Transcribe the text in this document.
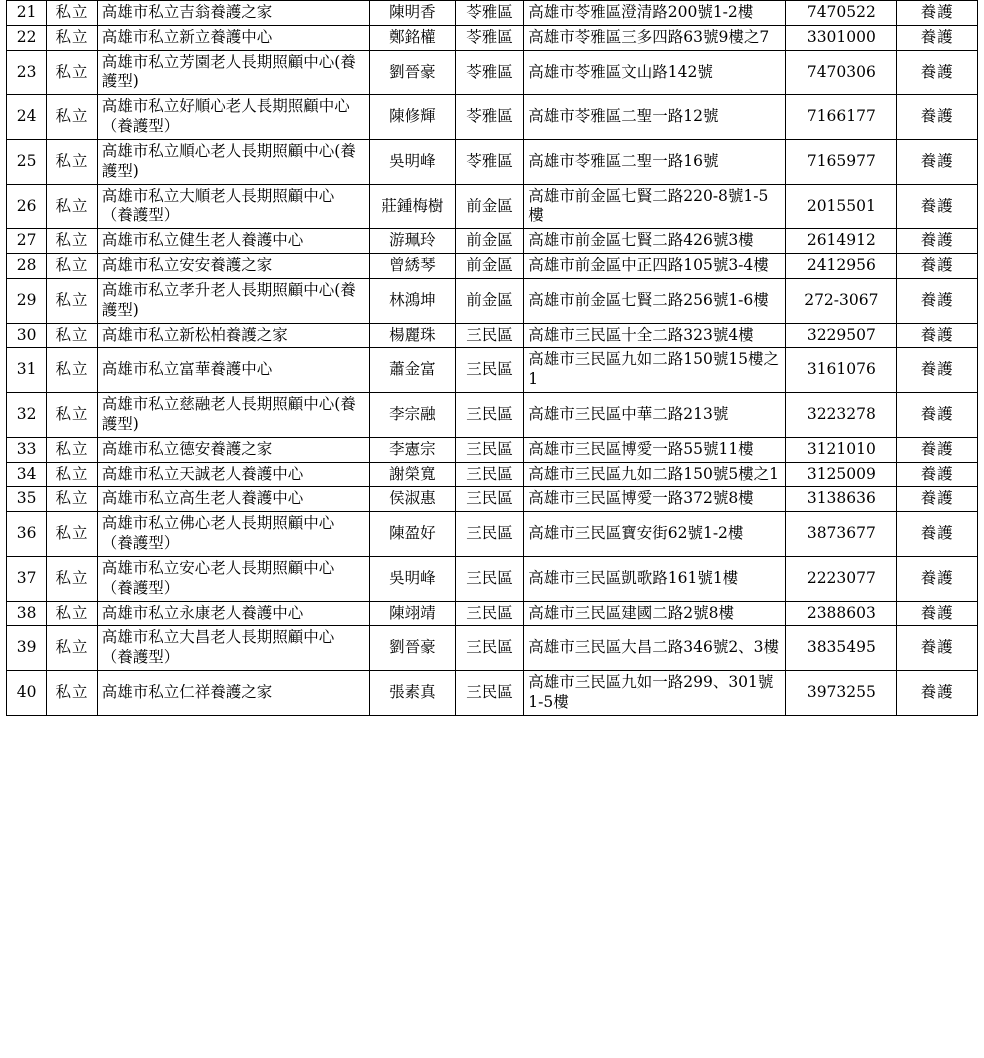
21	私立	高雄市私立吉翁養護之家	陳明香	苓雅區	高雄市苓雅區澄清路200號1-2樓	7470522	養護
22	私立	高雄市私立新立養護中心	鄭銘權	苓雅區	高雄市苓雅區三多四路63號9樓之7	3301000	養護
23	私立	高雄市私立芳園老人長期照顧中心(養護型)	劉晉豪	苓雅區	高雄市苓雅區文山路142號	7470306	養護
24	私立	高雄市私立好順心老人長期照顧中心（養護型）	陳修輝	苓雅區	高雄市苓雅區二聖一路12號	7166177	養護
25	私立	高雄市私立順心老人長期照顧中心(養護型)	吳明峰	苓雅區	高雄市苓雅區二聖一路16號	7165977	養護
26	私立	高雄市私立大順老人長期照顧中心（養護型）	莊鍾梅樹	前金區	高雄市前金區七賢二路220-8號1-5樓	2015501	養護
27	私立	高雄市私立健生老人養護中心	游珮玲	前金區	高雄市前金區七賢二路426號3樓	2614912	養護
28	私立	高雄市私立安安養護之家	曾綉琴	前金區	高雄市前金區中正四路105號3-4樓	2412956	養護
29	私立	高雄市私立孝升老人長期照顧中心(養護型)	林鴻坤	前金區	高雄市前金區七賢二路256號1-6樓	272-3067	養護
30	私立	高雄市私立新松柏養護之家	楊麗珠	三民區	高雄市三民區十全二路323號4樓	3229507	養護
31	私立	高雄市私立富華養護中心	蕭金富	三民區	高雄市三民區九如二路150號15樓之1	3161076	養護
32	私立	高雄市私立慈融老人長期照顧中心(養護型)	李宗融	三民區	高雄市三民區中華二路213號	3223278	養護
33	私立	高雄市私立德安養護之家	李憲宗	三民區	高雄市三民區博愛一路55號11樓	3121010	養護
34	私立	高雄市私立天誠老人養護中心	謝榮寬	三民區	高雄市三民區九如二路150號5樓之1	3125009	養護
35	私立	高雄市私立高生老人養護中心	侯淑惠	三民區	高雄市三民區博愛一路372號8樓	3138636	養護
36	私立	高雄市私立佛心老人長期照顧中心（養護型）	陳盈好	三民區	高雄市三民區寶安街62號1-2樓	3873677	養護
37	私立	高雄市私立安心老人長期照顧中心（養護型）	吳明峰	三民區	高雄市三民區凱歌路161號1樓	2223077	養護
38	私立	高雄市私立永康老人養護中心	陳翊靖	三民區	高雄市三民區建國二路2號8樓	2388603	養護
39	私立	高雄市私立大昌老人長期照顧中心（養護型）	劉晉豪	三民區	高雄市三民區大昌二路346號2、3樓	3835495	養護
40	私立	高雄市私立仁祥養護之家	張素真	三民區	高雄市三民區九如一路299、301號1-5樓	3973255	養護
